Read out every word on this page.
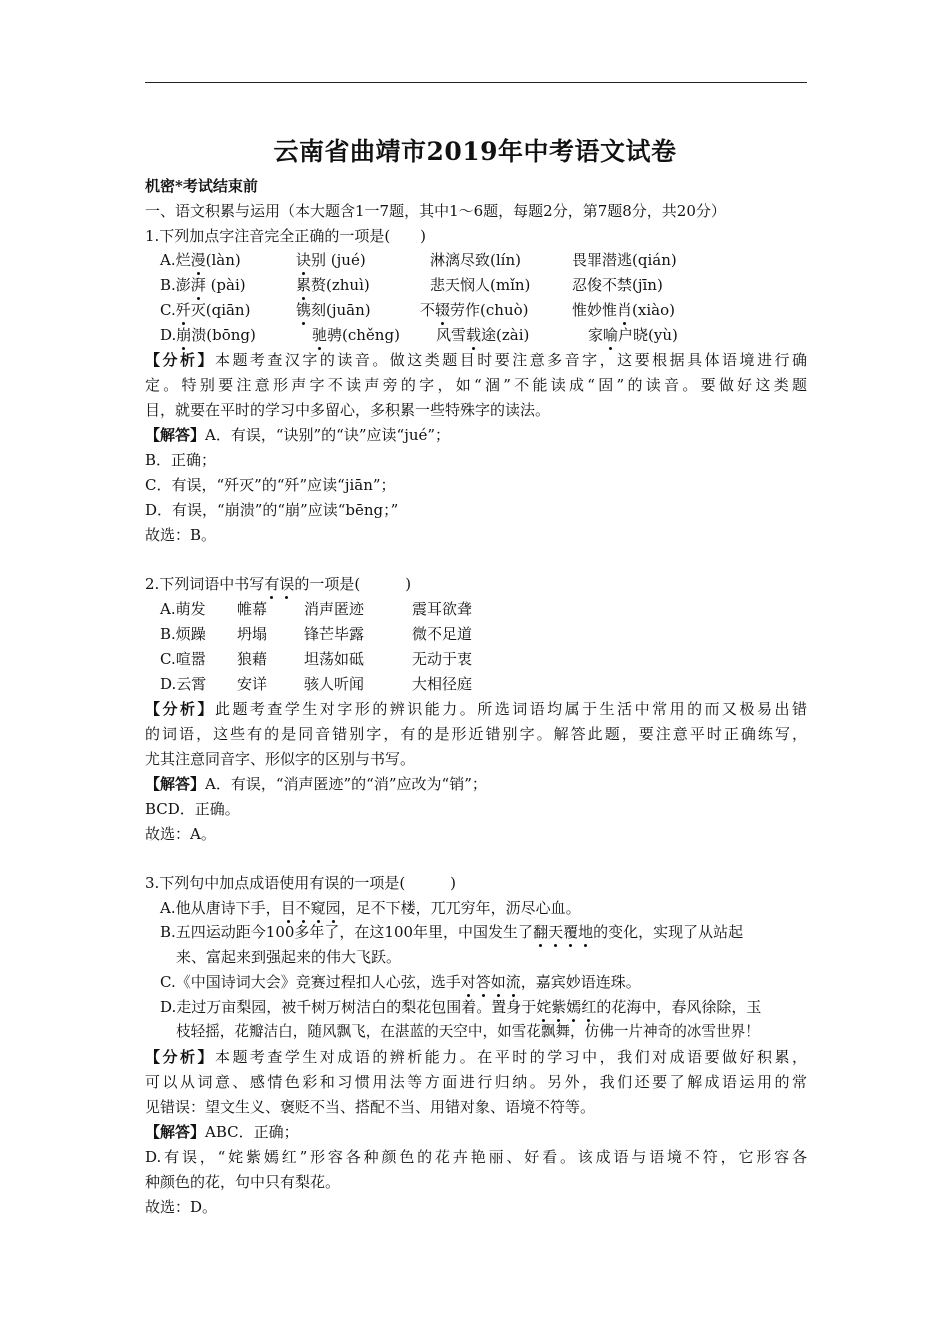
云南省曲靖市2019年中考语文试卷
机密*考试结束前
一、语文积累与运用（本大题含1一7题，其中1～6题，每题2分，第7题8分，共20分）
1.下列加点字注音完全正确的一项是(　　)
A.烂漫(làn)	诀别 (jué)	淋漓尽致(lín)	畏罪潜逃(qián)
B.澎湃 (pài)	累赘(zhuì)	悲天悯人(mǐn)	忍俊不禁(jīn)
C.歼灭(qiān)	镌刻(juān)	不辍劳作(chuò)	惟妙惟肖(xiào)
D.崩溃(bōng)	驰骋(chěng) 风雪载途(zài)	家喻户晓(yù)
【分析】本题考查汉字的读音。做这类题目时要注意多音字，这要根据具体语境进行确
定。特别要注意形声字不读声旁的字，如“涸”不能读成“固”的读音。要做好这类题
目，就要在平时的学习中多留心，多积累一些特殊字的读法。
【解答】A．有误，“诀别”的“诀”应读“jué”；
B．正确；
C．有误，“歼灭”的“歼”应读“jiān”；
D．有误，“崩溃”的“崩”应读“bēng；”
故选：B。
2.下列词语中书写有误的一项是(　　　)
A.萌发 帷幕 消声匿迹	震耳欲聋
B.烦躁 坍塌 锋芒毕露	微不足道
C.喧嚣 狼藉 坦荡如砥	无动于衷
D.云霄 安详 骇人听闻	大相径庭
【分析】此题考查学生对字形的辨识能力。所选词语均属于生活中常用的而又极易出错
的词语，这些有的是同音错别字，有的是形近错别字。解答此题，要注意平时正确练写，
尤其注意同音字、形似字的区别与书写。
【解答】A．有误，“消声匿迹”的“消”应改为“销”；
BCD．正确。
故选：A。
3.下列句中加点成语使用有误的一项是(　　　)
A.他从唐诗下手，目不窥园，足不下楼，兀兀穷年，沥尽心血。
B.五四运动距今100多年了，在这100年里，中国发生了翻天覆地的变化，实现了从站起
来、富起来到强起来的伟大飞跃。
C.《中国诗词大会》竞赛过程扣人心弦，选手对答如流，嘉宾妙语连珠。
D.走过万亩梨园，被千树万树洁白的梨花包围着。置身于姹紫嫣红的花海中，春风徐除，玉
枝轻摇，花瓣洁白，随风飘飞，在湛蓝的天空中，如雪花飘舞，仿佛一片神奇的冰雪世界！
【分析】本题考查学生对成语的辨析能力。在平时的学习中，我们对成语要做好积累，
可以从词意、感情色彩和习惯用法等方面进行归纳。另外，我们还要了解成语运用的常
见错误：望文生义、褒贬不当、搭配不当、用错对象、语境不符等。
【解答】ABC．正确；
D.有误，“姹紫嫣红”形容各种颜色的花卉艳丽、好看。该成语与语境不符，它形容各
种颜色的花，句中只有梨花。
故选：D。
